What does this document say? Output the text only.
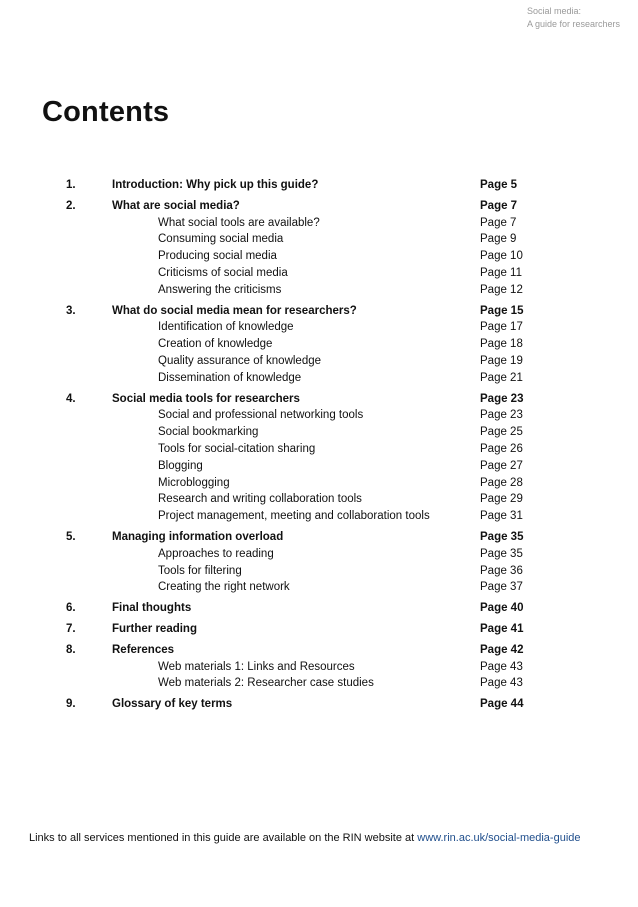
Social media:
A guide for researchers
Contents
1.	Introduction: Why pick up this guide?	Page 5
2.	What are social media?	Page 7
What social tools are available?	Page 7
Consuming social media	Page 9
Producing social media	Page 10
Criticisms of social media	Page 11
Answering the criticisms	Page 12
3.	What do social media mean for researchers?	Page 15
Identification of knowledge	Page 17
Creation of knowledge	Page 18
Quality assurance of knowledge	Page 19
Dissemination of knowledge	Page 21
4.	Social media tools for researchers	Page 23
Social and professional networking tools	Page 23
Social bookmarking	Page 25
Tools for social-citation sharing	Page 26
Blogging	Page 27
Microblogging	Page 28
Research and writing collaboration tools	Page 29
Project management, meeting and collaboration tools	Page 31
5.	Managing information overload	Page 35
Approaches to reading	Page 35
Tools for filtering	Page 36
Creating the right network	Page 37
6.	Final thoughts	Page 40
7.	Further reading	Page 41
8.	References	Page 42
Web materials 1: Links and Resources	Page 43
Web materials 2: Researcher case studies	Page 43
9.	Glossary of key terms	Page 44
Links to all services mentioned in this guide are available on the RIN website at www.rin.ac.uk/social-media-guide
